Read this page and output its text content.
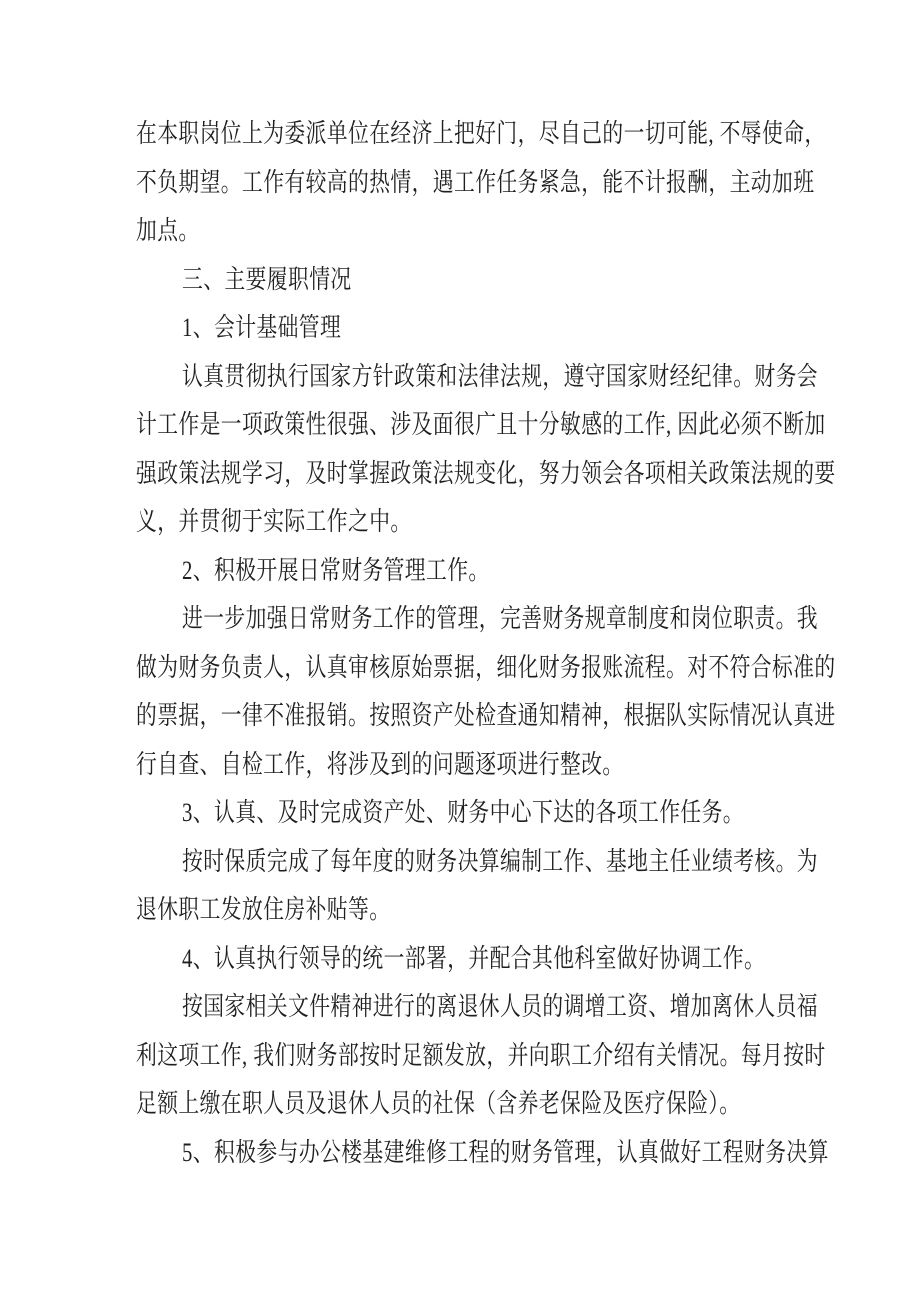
在本职岗位上为委派单位在经济上把好门，尽自己的一切可能, 不辱使命，
不负期望。工作有较高的热情，遇工作任务紧急，能不计报酬，主动加班
加点。
三、主要履职情况
1、会计基础管理
认真贯彻执行国家方针政策和法律法规，遵守国家财经纪律。财务会
计工作是一项政策性很强、涉及面很广且十分敏感的工作, 因此必须不断加
强政策法规学习，及时掌握政策法规变化，努力领会各项相关政策法规的要
义，并贯彻于实际工作之中。
2、积极开展日常财务管理工作。
进一步加强日常财务工作的管理，完善财务规章制度和岗位职责。我
做为财务负责人，认真审核原始票据，细化财务报账流程。对不符合标准的
的票据，一律不准报销。按照资产处检查通知精神，根据队实际情况认真进
行自查、自检工作，将涉及到的问题逐项进行整改。
3、认真、及时完成资产处、财务中心下达的各项工作任务。
按时保质完成了每年度的财务决算编制工作、基地主任业绩考核。为
退休职工发放住房补贴等。
4、认真执行领导的统一部署，并配合其他科室做好协调工作。
按国家相关文件精神进行的离退休人员的调增工资、增加离休人员福
利这项工作, 我们财务部按时足额发放，并向职工介绍有关情况。每月按时
足额上缴在职人员及退休人员的社保（含养老保险及医疗保险）。
5、积极参与办公楼基建维修工程的财务管理，认真做好工程财务决算
